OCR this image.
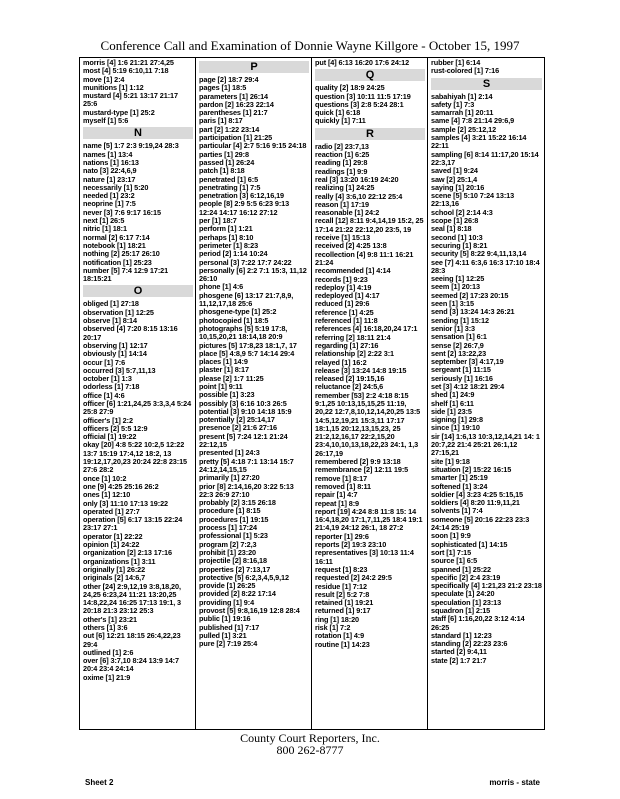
Conference Call and Examination of Donnie Wayne Killgore - October 15, 1997
morris [4] 1:6 21:21 27:4,25
most [4] 5:19 6:10,11 7:18
move [1] 2:4
munitions [1] 1:12
mustard [4] 5:21 13:17 21:17 25:6
mustard-type [1] 25:2
myself [1] 5:6
N
name [5] 1:7 2:3 9:19,24 28:3
names [1] 13:4
nations [1] 16:13
nato [3] 22:4,6,9
nature [1] 23:17
necessarily [1] 5:20
needed [1] 23:2
neoprine [1] 7:5
never [3] 7:6 9:17 16:15
next [1] 26:5
nitric [1] 18:1
normal [2] 6:17 7:14
notebook [1] 18:21
nothing [2] 25:17 26:10
notification [1] 25:23
number [5] 7:4 12:9 17:21 18:15:21
O
obliged [1] 27:18
observation [1] 12:25
observe [1] 8:14
observed [4] 7:20 8:15 13:16 20:17
observing [1] 12:17
obviously [1] 14:14
occur [1] 7:6
occurred [3] 5:7,11,13
october [1] 1:3
odorless [1] 7:18
office [1] 4:6
officer [6] 1:21,24,25 3:3,3,4 5:24 25:8 27:9
officer's [1] 2:2
officers [2] 5:5 12:9
official [1] 19:22
okay [20] 4:8 5:22 10:2,5 12:22 13:7 15:19 17:4,12 18:2, 13 19:12,17,20,23 20:24 22:8 23:15 27:6 28:2
once [1] 10:2
one [9] 4:25 25:16 26:2
ones [1] 12:10
only [3] 11:10 17:13 19:22
operated [1] 27:7
operation [5] 6:17 13:15 22:24 23:17 27:1
operator [1] 22:22
opinion [1] 24:22
organization [2] 2:13 17:16
organizations [1] 3:11
originally [1] 26:22
originals [2] 14:6,7
other [24] 2:9,12,19 3:8,18,20, 24,25 6:23,24 11:21 13:20,25 14:8,22,24 16:25 17:13 19:1, 3 20:18 21:3 23:12 25:3
other's [1] 23:21
others [1] 3:6
out [6] 12:21 18:15 26:4,22,23 29:4
outlined [1] 2:6
over [6] 3:7,10 8:24 13:9 14:7 20:4 23:4 24:14
oxime [1] 21:9
P
page [2] 18:7 29:4
pages [1] 18:5
parameters [1] 26:14
pardon [2] 16:23 22:14
parentheses [1] 21:7
paris [1] 8:17
part [2] 1:22 23:14
participation [1] 21:25
particular [4] 2:7 5:16 9:15 24:18
parties [1] 29:8
passed [1] 26:24
patch [1] 8:18
penetrated [1] 6:5
penetrating [1] 7:5
penetration [3] 6:12,16,19
people [8] 2:9 5:5 6:23 9:13 12:24 14:17 16:12 27:12
per [1] 18:7
perform [1] 1:21
perhaps [1] 8:10
perimeter [1] 8:23
period [2] 1:14 10:24
personal [3] 7:22 17:7 24:22
personally [6] 2:2 7:1 15:3, 11,12 26:10
phone [1] 4:6
phosgene [6] 13:17 21:7,8,9, 11,12,17,18 25:6
phosgene-type [1] 25:2
photocopied [1] 18:5
photographs [5] 5:19 17:8, 10,15,20,21 18:14,18 20:9
pictures [5] 17:8,23 18:1,7, 17
place [5] 4:8,9 5:7 14:14 29:4
places [1] 14:9
plaster [1] 8:17
please [2] 1:7 11:25
point [1] 9:11
possible [1] 3:23
possibly [3] 6:16 10:3 26:5
potential [3] 9:10 14:18 15:9
potentially [2] 25:14,17
presence [2] 21:6 27:16
present [5] 7:24 12:1 21:24 22:12,15
presented [1] 24:3
pretty [5] 4:18 7:1 13:14 15:7 24:12,14,15,15
primarily [1] 27:20
prior [8] 2:14,16,20 3:22 5:13 22:3 26:9 27:10
probably [2] 3:15 26:18
procedure [1] 8:15
procedures [1] 19:15
process [1] 17:24
professional [1] 5:23
program [2] 7:2,3
prohibit [1] 23:20
projectile [2] 8:16,18
properties [2] 7:13,17
protective [5] 6:2,3,4,5,9,12
provide [1] 26:25
provided [2] 8:22 17:14
providing [1] 9:4
provost [5] 9:8,16,19 12:8 28:4
public [1] 19:16
published [1] 7:17
pulled [1] 3:21
pure [2] 7:19 25:4
put [4] 6:13 16:20 17:6 24:12
Q
quality [2] 18:9 24:25
question [3] 10:11 11:5 17:19
questions [3] 2:8 5:24 28:1
quick [1] 6:18
quickly [1] 7:11
R
radio [2] 23:7,13
reaction [1] 6:25
reading [1] 29:8
readings [1] 9:9
real [3] 13:20 16:19 24:20
realizing [1] 24:25
really [4] 3:6,10 22:12 25:4
reason [1] 17:19
reasonable [1] 24:2
recall [12] 8:11 9:4,14,19 15:2, 25 17:14 21:22 22:12,20 23:5, 19
receive [1] 15:13
received [2] 4:25 13:8
recollection [4] 9:8 11:1 16:21 21:24
recommended [1] 4:14
records [1] 9:23
redeploy [1] 4:19
redeployed [1] 4:17
reduced [1] 29:6
reference [1] 4:25
referenced [1] 11:8
references [4] 16:18,20,24 17:1
referring [2] 18:11 21:4
regarding [1] 27:16
relationship [2] 2:22 3:1
relayed [1] 16:2
release [3] 13:24 14:8 19:15
released [2] 19:15,16
reluctance [2] 24:5,6
remember [53] 2:2 4:18 8:15 9:1,25 10:13,15,15,25 11:19, 20,22 12:7,8,10,12,14,20,25 13:5 14:5,12,19,21 15:3,11 17:17 18:1,15 20:12,13,15,23, 25 21:2,12,16,17 22:2,15,20 23:4,10,10,13,18,22,23 24:1, 1,3 26:17,19
remembered [2] 9:9 13:18
remembrance [2] 12:11 19:5
remove [1] 8:17
removed [1] 8:11
repair [1] 4:7
repeat [1] 8:9
report [19] 4:24 8:8 11:8 15: 14 16:4,18,20 17:1,7,11,25 18:4 19:1 21:4,19 24:12 26:1, 18 27:2
reporter [1] 29:6
reports [2] 19:3 23:10
representatives [3] 10:13 11:4 16:11
request [1] 8:23
requested [2] 24:2 29:5
residue [1] 7:12
result [2] 5:2 7:8
retained [1] 19:21
returned [1] 9:17
ring [1] 18:20
risk [1] 7:2
rotation [1] 4:9
routine [1] 14:23
rubber [1] 6:14
rust-colored [1] 7:16
S
sabahiyah [1] 2:14
safety [1] 7:3
samarrah [1] 20:11
same [4] 7:8 21:14 29:6,9
sample [2] 25:12,12
samples [4] 3:21 15:22 16:14 22:11
sampling [6] 8:14 11:17,20 15:14 22:3,17
saved [1] 9:24
saw [2] 25:1,4
saying [1] 20:16
scene [5] 5:10 7:24 13:13 22:13,16
school [2] 2:14 4:3
scope [1] 26:8
seal [1] 8:18
second [1] 10:3
securing [1] 8:21
security [5] 8:22 9:4,11,13,14
see [7] 4:11 6:3,6 16:3 17:10 18:4 28:3
seeing [1] 12:25
seem [1] 20:13
seemed [2] 17:23 20:15
seen [1] 3:15
send [3] 13:24 14:3 26:21
sending [1] 15:12
senior [1] 3:3
sensation [1] 6:1
sense [2] 26:7,9
sent [2] 13:22,23
september [3] 4:17,19
sergeant [1] 11:15
seriously [1] 16:16
set [3] 4:12 18:21 29:4
shed [1] 24:9
shelf [1] 6:11
side [1] 23:5
signing [1] 29:8
since [1] 19:10
sir [14] 1:6,13 10:3,12,14,21 14: 1 20:7,22 21:4 25:21 26:1,12 27:15,21
site [1] 9:18
situation [2] 15:22 16:15
smarter [1] 25:19
softened [1] 3:24
soldier [4] 3:23 4:25 5:15,15
soldiers [4] 8:20 11:9,11,21
solvents [1] 7:4
someone [5] 20:16 22:23 23:3 24:14 25:19
soon [1] 9:9
sophisticated [1] 14:15
sort [1] 7:15
source [1] 6:5
spanned [1] 25:22
specific [2] 2:4 23:19
specifically [4] 1:21,23 21:2 23:18
speculate [1] 24:20
speculation [1] 23:13
squadron [1] 2:15
staff [6] 1:16,20,22 3:12 4:14 26:25
standard [1] 12:23
standing [2] 22:23 23:6
started [2] 9:4,11
state [2] 1:7 21:7
County Court Reporters, Inc.
800 262-8777
Sheet 2	morris - state
